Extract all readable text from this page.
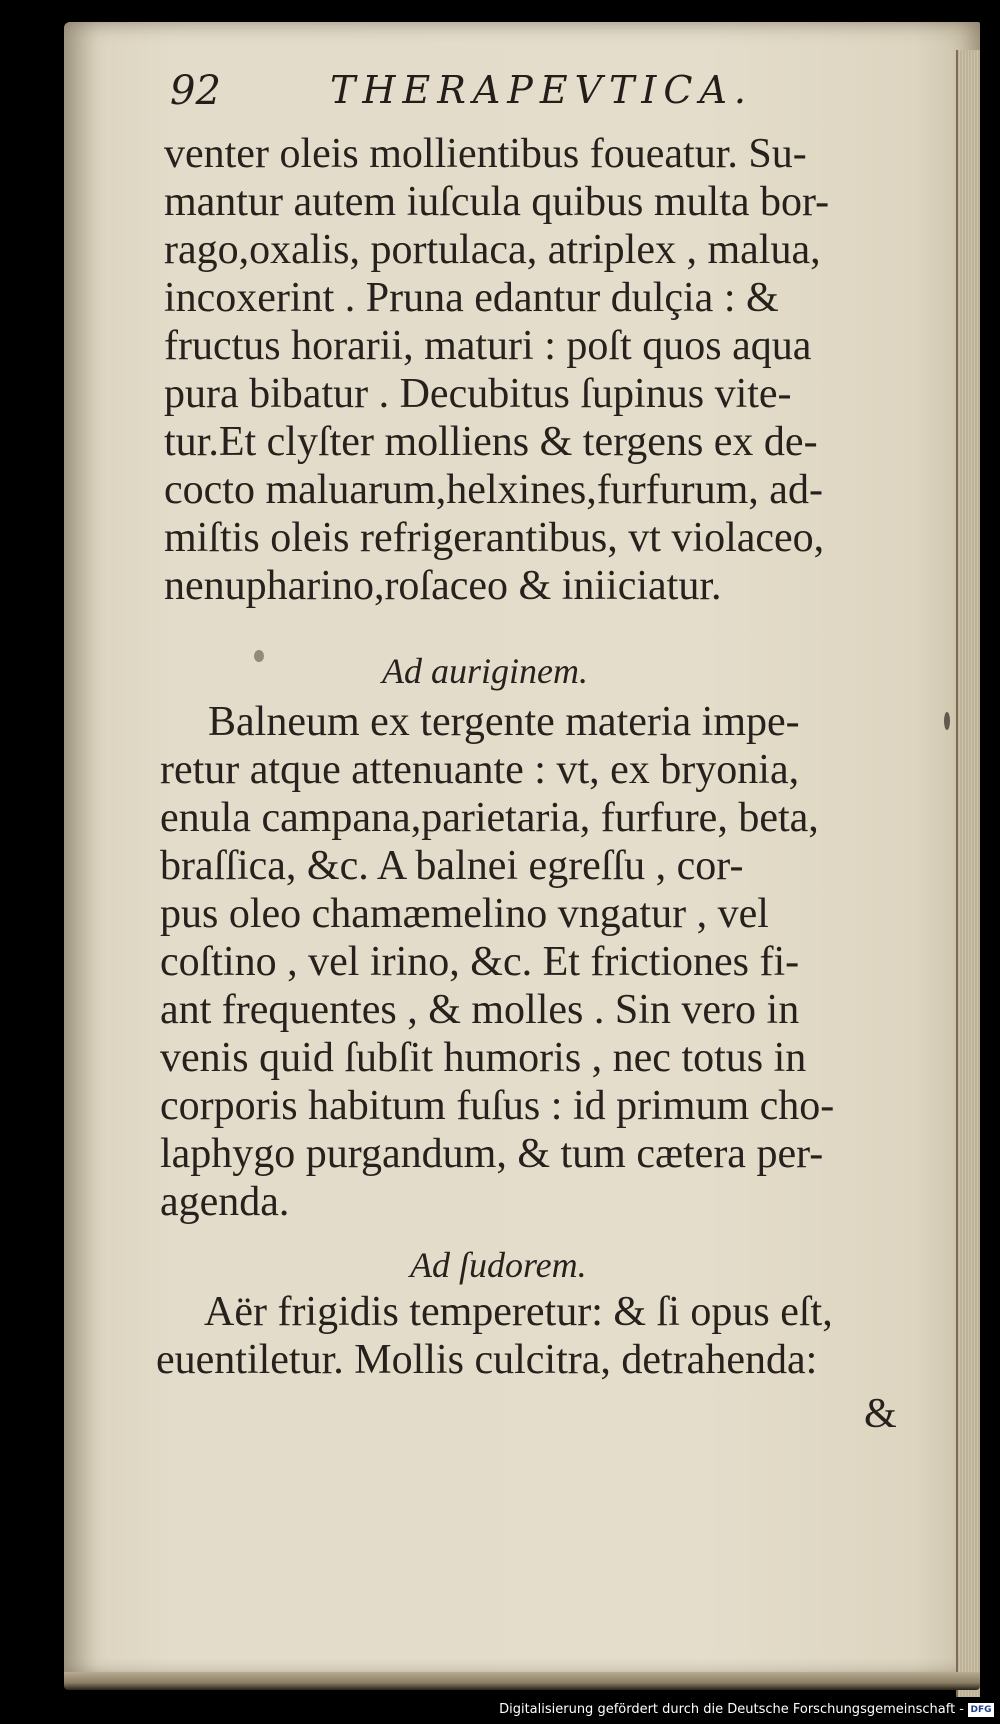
92	THERAPEVTICA.
venter oleis mollientibus foueatur. Su-
mantur autem iuſcula quibus multa bor-
rago,oxalis, portulaca, atriplex , malua,
incoxerint . Pruna edantur dulçia : &
fructus horarii, maturi : poſt quos aqua
pura bibatur . Decubitus ſupinus vite-
tur.Et clyſter molliens & tergens ex de-
cocto maluarum,helxines,furfurum, ad-
miſtis oleis refrigerantibus, vt violaceo,
nenupharino,roſaceo & iniiciatur.
Ad auriginem.
Balneum ex tergente materia impe-
retur atque attenuante : vt, ex bryonia,
enula campana,parietaria, furfure, beta,
braſſica, &c. A balnei egreſſu , cor-
pus oleo chamæmelino vngatur , vel
coſtino , vel irino, &c. Et frictiones fi-
ant frequentes , & molles . Sin vero in
venis quid ſubſit humoris , nec totus in
corporis habitum fuſus : id primum cho-
laphygo purgandum, & tum cætera per-
agenda.
Ad ſudorem.
Aër frigidis temperetur: & ſi opus eſt,
euentiletur. Mollis culcitra, detrahenda:
&
Digitalisierung gefördert durch die Deutsche Forschungsgemeinschaft - DFG
